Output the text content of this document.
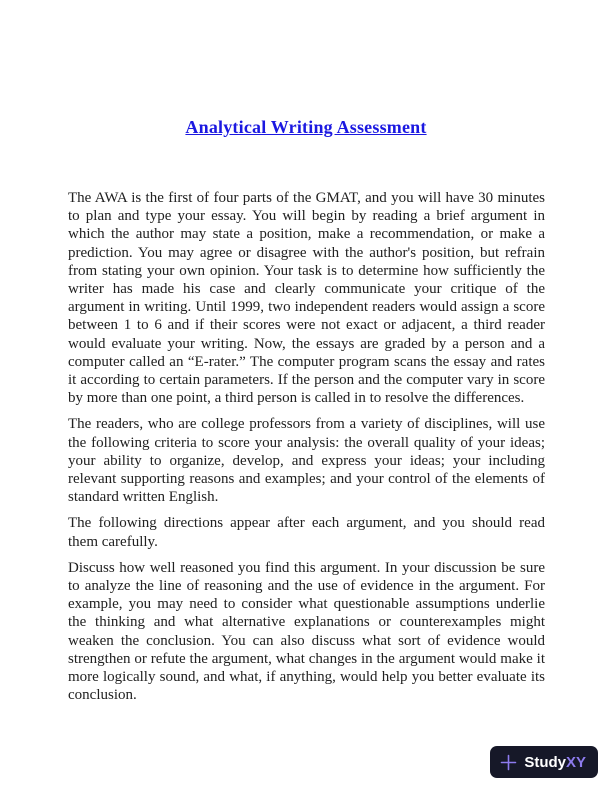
Analytical Writing Assessment

The AWA is the first of four parts of the GMAT, and you will have 30 minutes to plan and type your essay. You will begin by reading a brief argument in which the author may state a position, make a recommendation, or make a prediction. You may agree or disagree with the author's position, but refrain from stating your own opinion. Your task is to determine how sufficiently the writer has made his case and clearly communicate your critique of the argument in writing. Until 1999, two independent readers would assign a score between 1 to 6 and if their scores were not exact or adjacent, a third reader would evaluate your writing. Now, the essays are graded by a person and a computer called an “E-rater.” The computer program scans the essay and rates it according to certain parameters. If the person and the computer vary in score by more than one point, a third person is called in to resolve the differences.

The readers, who are college professors from a variety of disciplines, will use the following criteria to score your analysis: the overall quality of your ideas; your ability to organize, develop, and express your ideas; your including relevant supporting reasons and examples; and your control of the elements of standard written English.

The following directions appear after each argument, and you should read them carefully.

Discuss how well reasoned you find this argument. In your discussion be sure to analyze the line of reasoning and the use of evidence in the argument. For example, you may need to consider what questionable assumptions underlie the thinking and what alternative explanations or counterexamples might weaken the conclusion. You can also discuss what sort of evidence would strengthen or refute the argument, what changes in the argument would make it more logically sound, and what, if anything, would help you better evaluate its conclusion.

StudyXY
